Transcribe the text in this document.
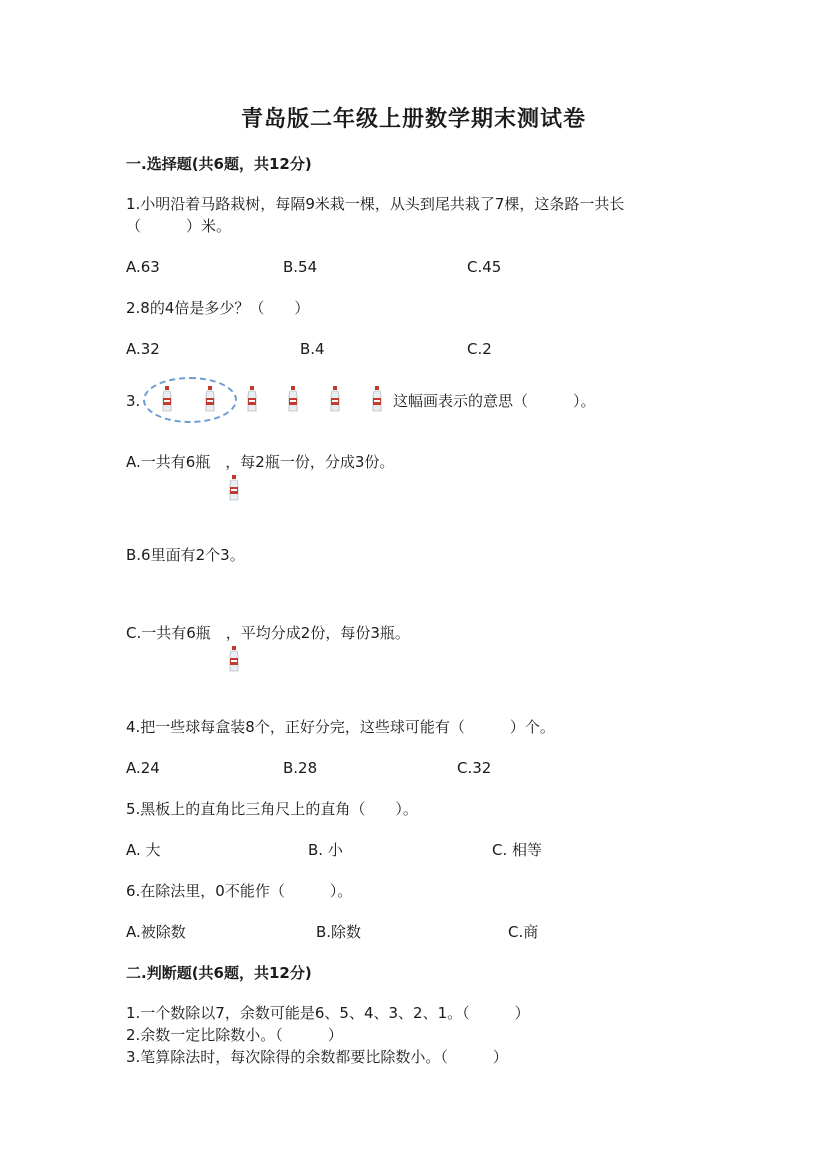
青岛版二年级上册数学期末测试卷
一.选择题(共6题，共12分)
1.小明沿着马路栽树，每隔9米栽一棵，从头到尾共栽了7棵，这条路一共长
（　　　）米。
A.63	B.54	C.45
2.8的4倍是多少？（　　）
A.32	B.4	C.2
3.	这幅画表示的意思（　　　）。
A.一共有6瓶　，每2瓶一份，分成3份。
B.6里面有2个3。
C.一共有6瓶　，平均分成2份，每份3瓶。
4.把一些球每盒装8个，正好分完，这些球可能有（　　　）个。
A.24	B.28	C.32
5.黑板上的直角比三角尺上的直角（　　）。
A. 大	B. 小	C. 相等
6.在除法里，0不能作（　　　）。
A.被除数	B.除数	C.商
二.判断题(共6题，共12分)
1.一个数除以7，余数可能是6、5、4、3、2、1。（　　　）
2.余数一定比除数小。（　　　）
3.笔算除法时，每次除得的余数都要比除数小。（　　　）
